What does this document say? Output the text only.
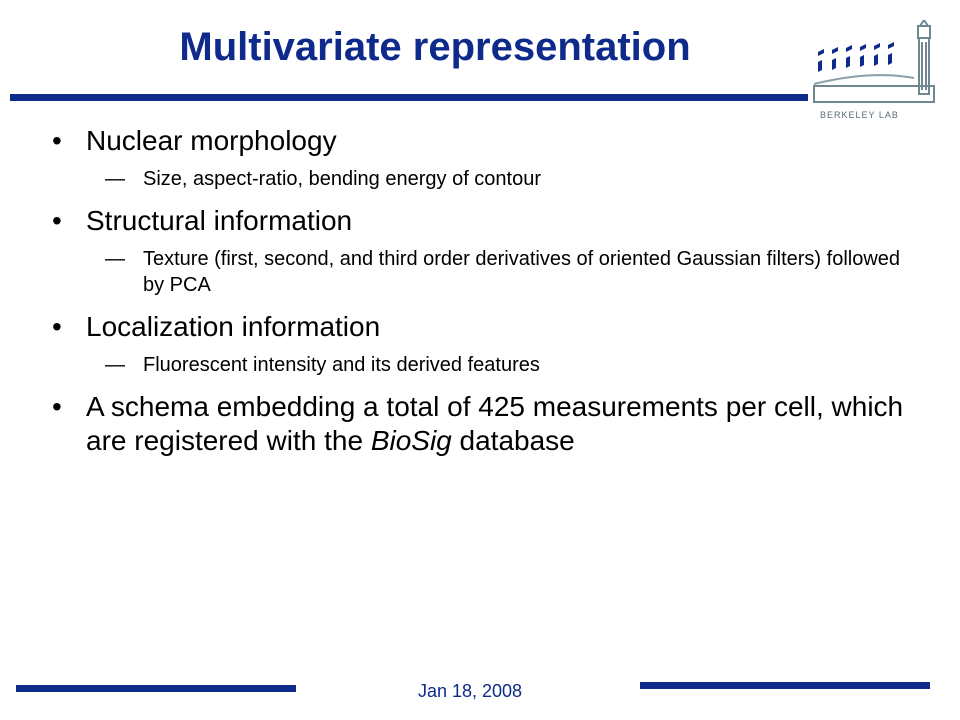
Multivariate representation
BERKELEY LAB
• Nuclear morphology
— Size, aspect-ratio, bending energy of contour
• Structural information
— Texture (first, second, and third order derivatives of oriented Gaussian filters) followed by PCA
• Localization information
— Fluorescent intensity and its derived features
• A schema embedding a total of 425 measurements per cell, which are registered with the BioSig database
Jan 18, 2008
